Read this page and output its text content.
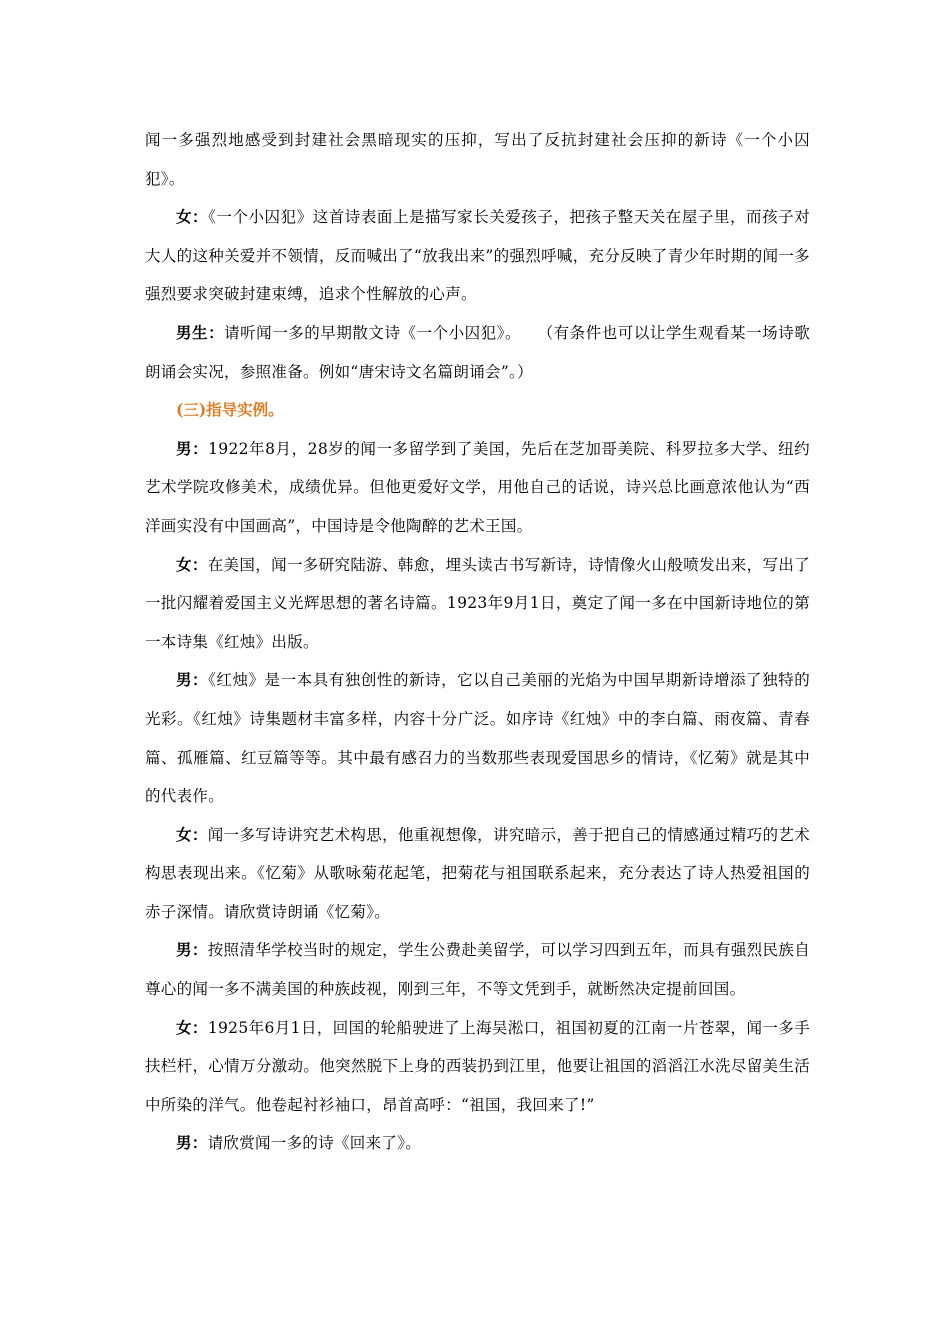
闻一多强烈地感受到封建社会黑暗现实的压抑，写出了反抗封建社会压抑的新诗《一个小囚犯》。

女：《一个小囚犯》这首诗表面上是描写家长关爱孩子，把孩子整天关在屋子里，而孩子对大人的这种关爱并不领情，反而喊出了“放我出来”的强烈呼喊，充分反映了青少年时期的闻一多强烈要求突破封建束缚，追求个性解放的心声。

男生：请听闻一多的早期散文诗《一个小囚犯》。　　（有条件也可以让学生观看某一场诗歌朗诵会实况，参照准备。例如“唐宋诗文名篇朗诵会”。）

(三)指导实例。

男：1922年8月，28岁的闻一多留学到了美国，先后在芝加哥美院、科罗拉多大学、纽约艺术学院攻修美术，成绩优异。但他更爱好文学，用他自己的话说，诗兴总比画意浓他认为“西洋画实没有中国画高”，中国诗是令他陶醉的艺术王国。

女：在美国，闻一多研究陆游、韩愈，埋头读古书写新诗，诗情像火山般喷发出来，写出了一批闪耀着爱国主义光辉思想的著名诗篇。1923年9月1日，奠定了闻一多在中国新诗地位的第一本诗集《红烛》出版。

男：《红烛》是一本具有独创性的新诗，它以自己美丽的光焰为中国早期新诗增添了独特的光彩。《红烛》诗集题材丰富多样，内容十分广泛。如序诗《红烛》中的李白篇、雨夜篇、青春篇、孤雁篇、红豆篇等等。其中最有感召力的当数那些表现爱国思乡的情诗，《忆菊》就是其中的代表作。

女：闻一多写诗讲究艺术构思，他重视想像，讲究暗示，善于把自己的情感通过精巧的艺术构思表现出来。《忆菊》从歌咏菊花起笔，把菊花与祖国联系起来，充分表达了诗人热爱祖国的赤子深情。请欣赏诗朗诵《忆菊》。

男：按照清华学校当时的规定，学生公费赴美留学，可以学习四到五年，而具有强烈民族自尊心的闻一多不满美国的种族歧视，刚到三年，不等文凭到手，就断然决定提前回国。

女：1925年6月1日，回国的轮船驶进了上海吴淞口，祖国初夏的江南一片苍翠，闻一多手扶栏杆，心情万分激动。他突然脱下上身的西装扔到江里，他要让祖国的滔滔江水洗尽留美生活中所染的洋气。他卷起衬衫袖口，昂首高呼：“祖国，我回来了!”

男：请欣赏闻一多的诗《回来了》。
